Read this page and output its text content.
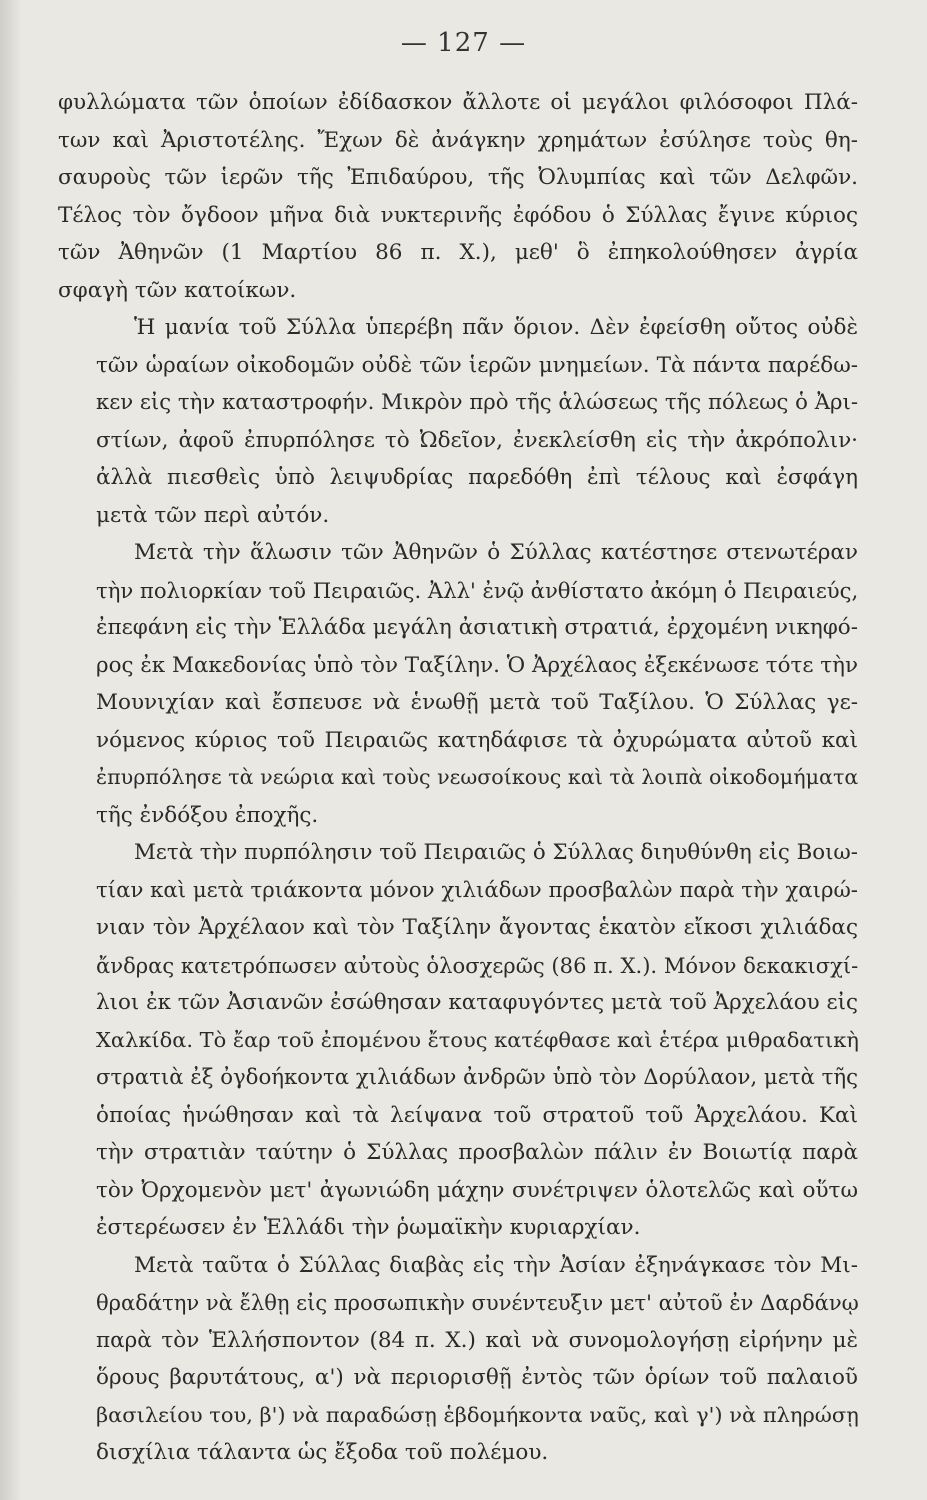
— 127 —
φυλλώματα τῶν ὁποίων ἐδίδασκον ἄλλοτε οἱ μεγάλοι φιλόσοφοι Πλά-
των καὶ Ἀριστοτέλης. Ἔχων δὲ ἀνάγκην χρημάτων ἐσύλησε τοὺς θη-
σαυροὺς τῶν ἱερῶν τῆς Ἐπιδαύρου, τῆς Ὀλυμπίας καὶ τῶν Δελφῶν.
Τέλος τὸν ὄγδοον μῆνα διὰ νυκτερινῆς ἐφόδου ὁ Σύλλας ἔγινε κύριος
τῶν Ἀθηνῶν (1 Μαρτίου 86 π. Χ.), μεθ' ὃ ἐπηκολούθησεν ἀγρία
σφαγὴ τῶν κατοίκων.
Ἡ μανία τοῦ Σύλλα ὑπερέβη πᾶν ὅριον. Δὲν ἐφείσθη οὔτος οὐδὲ
τῶν ὡραίων οἰκοδομῶν οὐδὲ τῶν ἱερῶν μνημείων. Τὰ πάντα παρέδω-
κεν εἰς τὴν καταστροφήν. Μικρὸν πρὸ τῆς ἁλώσεως τῆς πόλεως ὁ Ἀρι-
στίων, ἀφοῦ ἐπυρπόλησε τὸ Ὠδεῖον, ἐνεκλείσθη εἰς τὴν ἀκρόπολιν·
ἀλλὰ πιεσθεὶς ὑπὸ λειψυδρίας παρεδόθη ἐπὶ τέλους καὶ ἐσφάγη
μετὰ τῶν περὶ αὐτόν.
Μετὰ τὴν ἅλωσιν τῶν Ἀθηνῶν ὁ Σύλλας κατέστησε στενωτέραν
τὴν πολιορκίαν τοῦ Πειραιῶς. Ἀλλ' ἐνῷ ἀνθίστατο ἀκόμη ὁ Πειραιεύς,
ἐπεφάνη εἰς τὴν Ἑλλάδα μεγάλη ἀσιατικὴ στρατιά, ἐρχομένη νικηφό-
ρος ἐκ Μακεδονίας ὑπὸ τὸν Ταξίλην. Ὁ Ἀρχέλαος ἐξεκένωσε τότε τὴν
Μουνιχίαν καὶ ἔσπευσε νὰ ἑνωθῇ μετὰ τοῦ Ταξίλου. Ὁ Σύλλας γε-
νόμενος κύριος τοῦ Πειραιῶς κατηδάφισε τὰ ὀχυρώματα αὐτοῦ καὶ
ἐπυρπόλησε τὰ νεώρια καὶ τοὺς νεωσοίκους καὶ τὰ λοιπὰ οἰκοδομήματα
τῆς ἐνδόξου ἐποχῆς.
Μετὰ τὴν πυρπόλησιν τοῦ Πειραιῶς ὁ Σύλλας διηυθύνθη εἰς Βοιω-
τίαν καὶ μετὰ τριάκοντα μόνον χιλιάδων προσβαλὼν παρὰ τὴν χαιρώ-
νιαν τὸν Ἀρχέλαον καὶ τὸν Ταξίλην ἄγοντας ἑκατὸν εἴκοσι χιλιάδας
ἄνδρας κατετρόπωσεν αὐτοὺς ὁλοσχερῶς (86 π. Χ.). Μόνον δεκακισχί-
λιοι ἐκ τῶν Ἀσιανῶν ἐσώθησαν καταφυγόντες μετὰ τοῦ Ἀρχελάου εἰς
Χαλκίδα. Τὸ ἔαρ τοῦ ἐπομένου ἔτους κατέφθασε καὶ ἑτέρα μιθραδατικὴ
στρατιὰ ἐξ ὀγδοήκοντα χιλιάδων ἀνδρῶν ὑπὸ τὸν Δορύλαον, μετὰ τῆς
ὁποίας ἡνώθησαν καὶ τὰ λείψανα τοῦ στρατοῦ τοῦ Ἀρχελάου. Καὶ
τὴν στρατιὰν ταύτην ὁ Σύλλας προσβαλὼν πάλιν ἐν Βοιωτίᾳ παρὰ
τὸν Ὀρχομενὸν μετ' ἀγωνιώδη μάχην συνέτριψεν ὁλοτελῶς καὶ οὕτω
ἐστερέωσεν ἐν Ἑλλάδι τὴν ῥωμαϊκὴν κυριαρχίαν.
Μετὰ ταῦτα ὁ Σύλλας διαβὰς εἰς τὴν Ἀσίαν ἐξηνάγκασε τὸν Μι-
θραδάτην νὰ ἔλθῃ εἰς προσωπικὴν συνέντευξιν μετ' αὐτοῦ ἐν Δαρδάνῳ
παρὰ τὸν Ἑλλήσποντον (84 π. Χ.) καὶ νὰ συνομολογήσῃ εἰρήνην μὲ
ὅρους βαρυτάτους, α') νὰ περιορισθῇ ἐντὸς τῶν ὁρίων τοῦ παλαιοῦ
βασιλείου του, β') νὰ παραδώσῃ ἑβδομήκοντα ναῦς, καὶ γ') νὰ πληρώσῃ
δισχίλια τάλαντα ὡς ἔξοδα τοῦ πολέμου.
